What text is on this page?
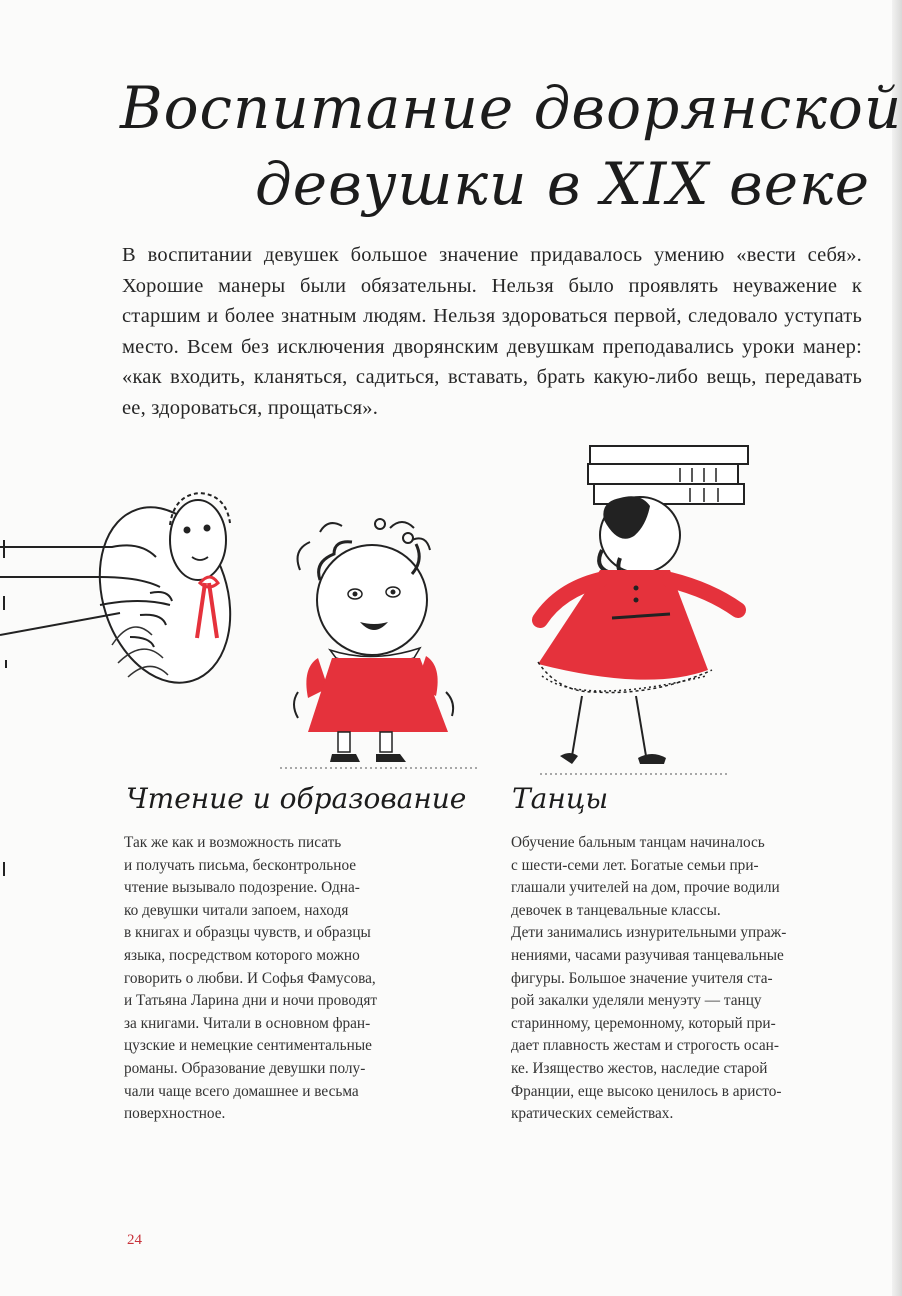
Воспитание дворянской
девушки в XIX веке
В воспитании девушек большое значение придавалось умению «вести себя». Хорошие манеры были обязательны. Нельзя было проявлять неуважение к старшим и более знатным людям. Нельзя здороваться первой, следовало уступать место. Всем без исключения дворянским девушкам преподавались уроки манер: «как входить, кланяться, садиться, вставать, брать какую-либо вещь, передавать ее, здороваться, прощаться».
Чтение и образование Танцы
Так же как и возможность писать
и получать письма, бесконтрольное
чтение вызывало подозрение. Одна-
ко девушки читали запоем, находя
в книгах и образцы чувств, и образцы
языка, посредством которого можно
говорить о любви. И Софья Фамусова,
и Татьяна Ларина дни и ночи проводят
за книгами. Читали в основном фран-
цузские и немецкие сентиментальные
романы. Образование девушки полу-
чали чаще всего домашнее и весьма
поверхностное.
Обучение бальным танцам начиналось
с шести-семи лет. Богатые семьи при-
глашали учителей на дом, прочие водили
девочек в танцевальные классы.
Дети занимались изнурительными упраж-
нениями, часами разучивая танцевальные
фигуры. Большое значение учителя ста-
рой закалки уделяли менуэту — танцу
старинному, церемонному, который при-
дает плавность жестам и строгость осан-
ке. Изящество жестов, наследие старой
Франции, еще высоко ценилось в аристо-
кратических семействах.
24
